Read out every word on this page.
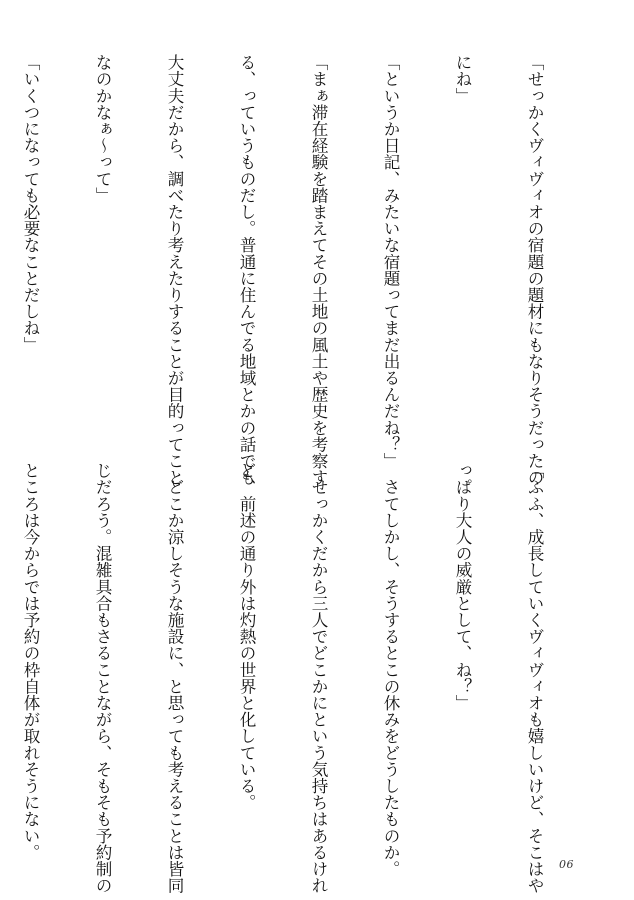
「せっかくヴィヴィオの宿題の題材にもなりそうだったの

にね」

「というか日記、みたいな宿題ってまだ出るんだね？」

「まぁ滞在経験を踏まえてその土地の風土や歴史を考察す

る、っていうものだし。普通に住んでる地域とかの話でも

大丈夫だから、調べたり考えたりすることが目的ってこと

なのかなぁ～って」

「いくつになっても必要なことだしね」

「ふふ、成長していくヴィヴィオも嬉しいけど、そこはや

っぱり大人の威厳として、ね？」

　さてしかし、そうするとこの休みをどうしたものか。

　せっかくだから三人でどこかにという気持ちはあるけれ

ど、前述の通り外は灼熱の世界と化している。

　どこか涼しそうな施設に、と思っても考えることは皆同

じだろう。混雑具合もさることながら、そもそも予約制の

ところは今からでは予約の枠自体が取れそうにない。

06
